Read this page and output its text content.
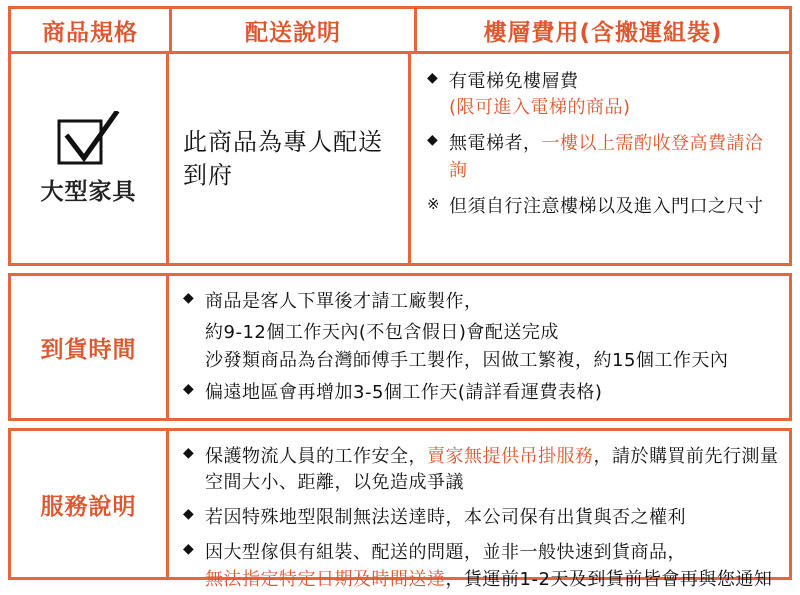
商品規格	配送說明	樓層費用(含搬運組裝)
大型家具
此商品為專人配送到府
◆ 有電梯免樓層費
(限可進入電梯的商品)
◆ 無電梯者，一樓以上需酌收登高費請洽詢
※ 但須自行注意樓梯以及進入門口之尺寸
到貨時間
◆ 商品是客人下單後才請工廠製作，
約9-12個工作天內(不包含假日)會配送完成
沙發類商品為台灣師傅手工製作，因做工繁複，約15個工作天內
◆ 偏遠地區會再增加3-5個工作天(請詳看運費表格)
服務說明
◆ 保護物流人員的工作安全，賣家無提供吊掛服務，請於購買前先行測量
空間大小、距離，以免造成爭議
◆ 若因特殊地型限制無法送達時，本公司保有出貨與否之權利
◆ 因大型傢俱有組裝、配送的問題，並非一般快速到貨商品，
無法指定特定日期及時間送達，貨運前1-2天及到貨前皆會再與您通知
